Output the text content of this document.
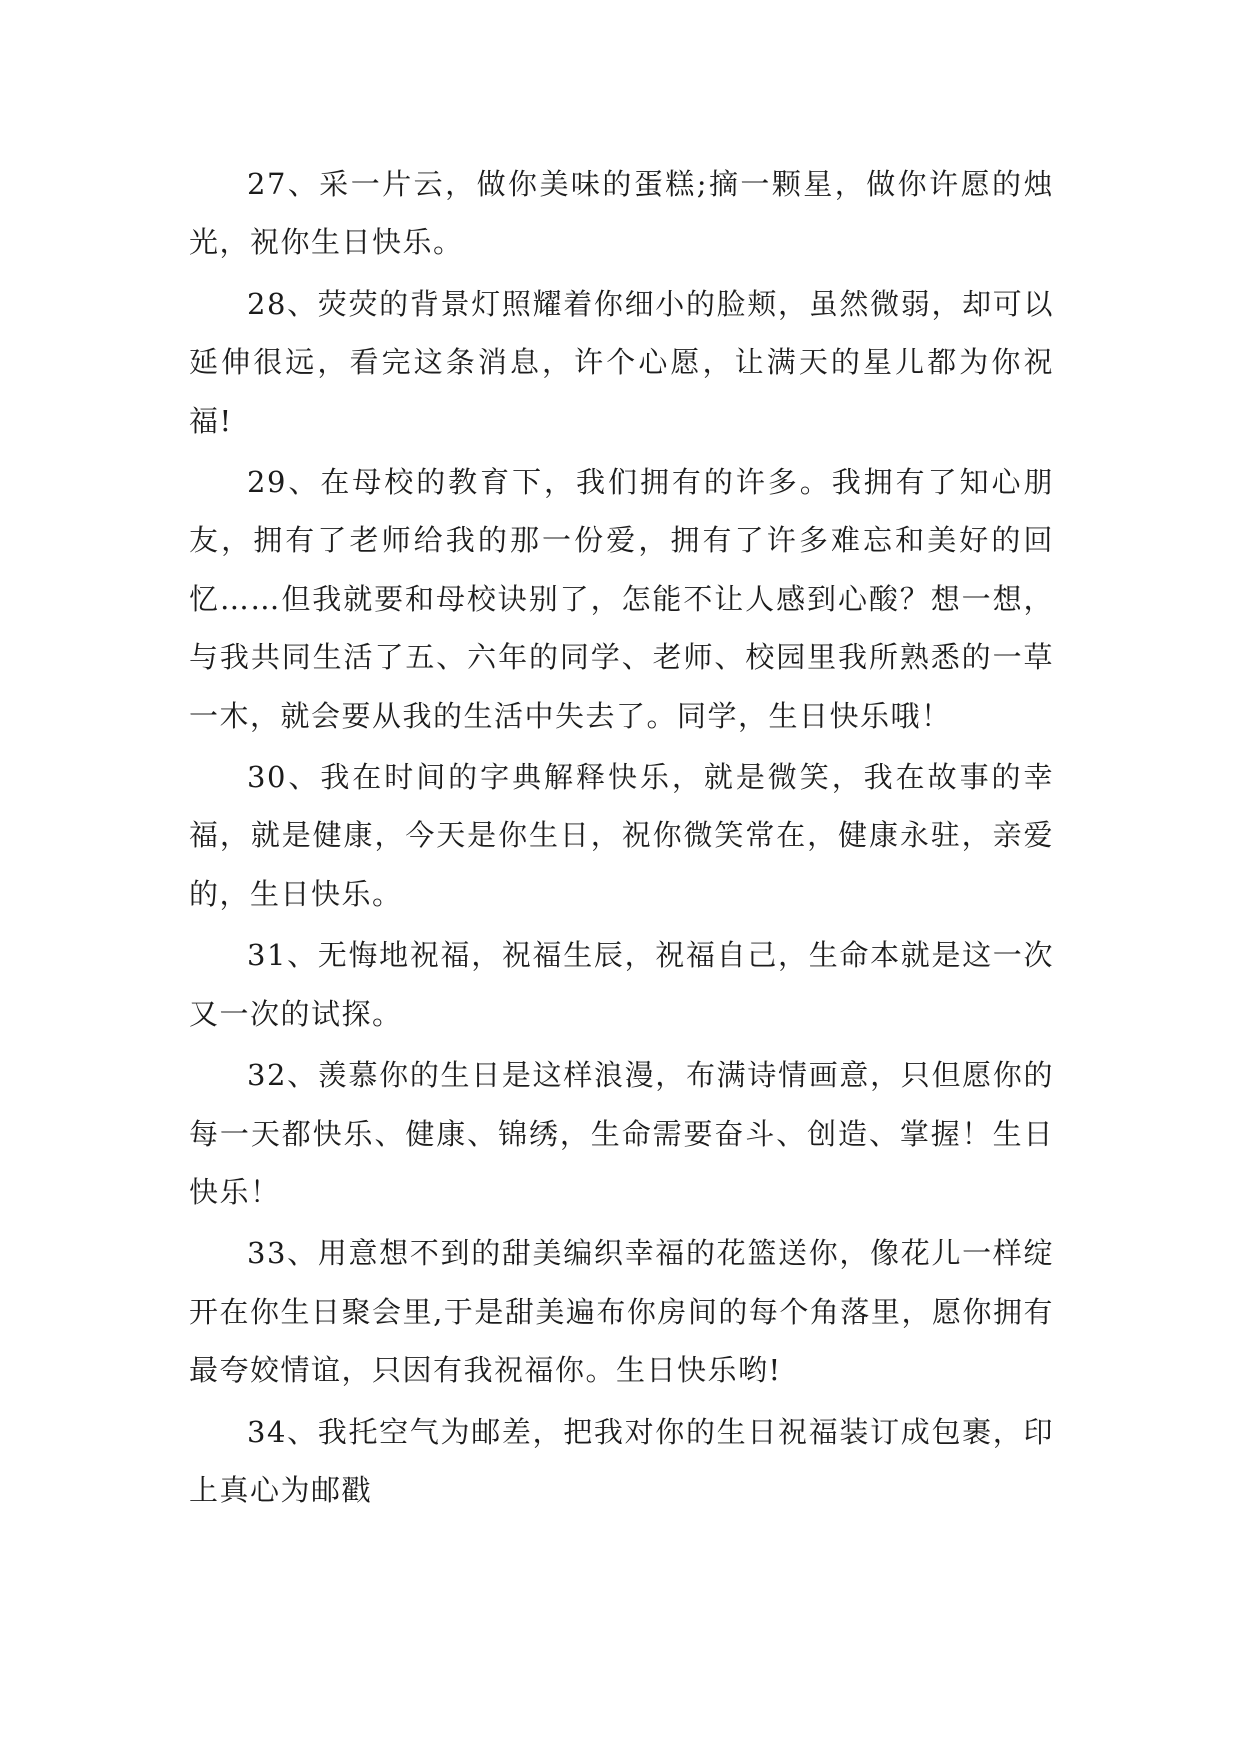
27、采一片云，做你美味的蛋糕;摘一颗星，做你许愿的烛光，祝你生日快乐。

28、荧荧的背景灯照耀着你细小的脸颊，虽然微弱，却可以延伸很远，看完这条消息，许个心愿，让满天的星儿都为你祝福!

29、在母校的教育下，我们拥有的许多。我拥有了知心朋友，拥有了老师给我的那一份爱，拥有了许多难忘和美好的回忆……但我就要和母校诀别了，怎能不让人感到心酸？想一想，与我共同生活了五、六年的同学、老师、校园里我所熟悉的一草一木，就会要从我的生活中失去了。同学，生日快乐哦！

30、我在时间的字典解释快乐，就是微笑，我在故事的幸福，就是健康，今天是你生日，祝你微笑常在，健康永驻，亲爱的，生日快乐。

31、无悔地祝福，祝福生辰，祝福自己，生命本就是这一次又一次的试探。

32、羡慕你的生日是这样浪漫，布满诗情画意，只但愿你的每一天都快乐、健康、锦绣，生命需要奋斗、创造、掌握！生日快乐！

33、用意想不到的甜美编织幸福的花篮送你，像花儿一样绽开在你生日聚会里,于是甜美遍布你房间的每个角落里，愿你拥有最夸姣情谊，只因有我祝福你。生日快乐哟!

34、我托空气为邮差，把我对你的生日祝福装订成包裹，印上真心为邮戳
